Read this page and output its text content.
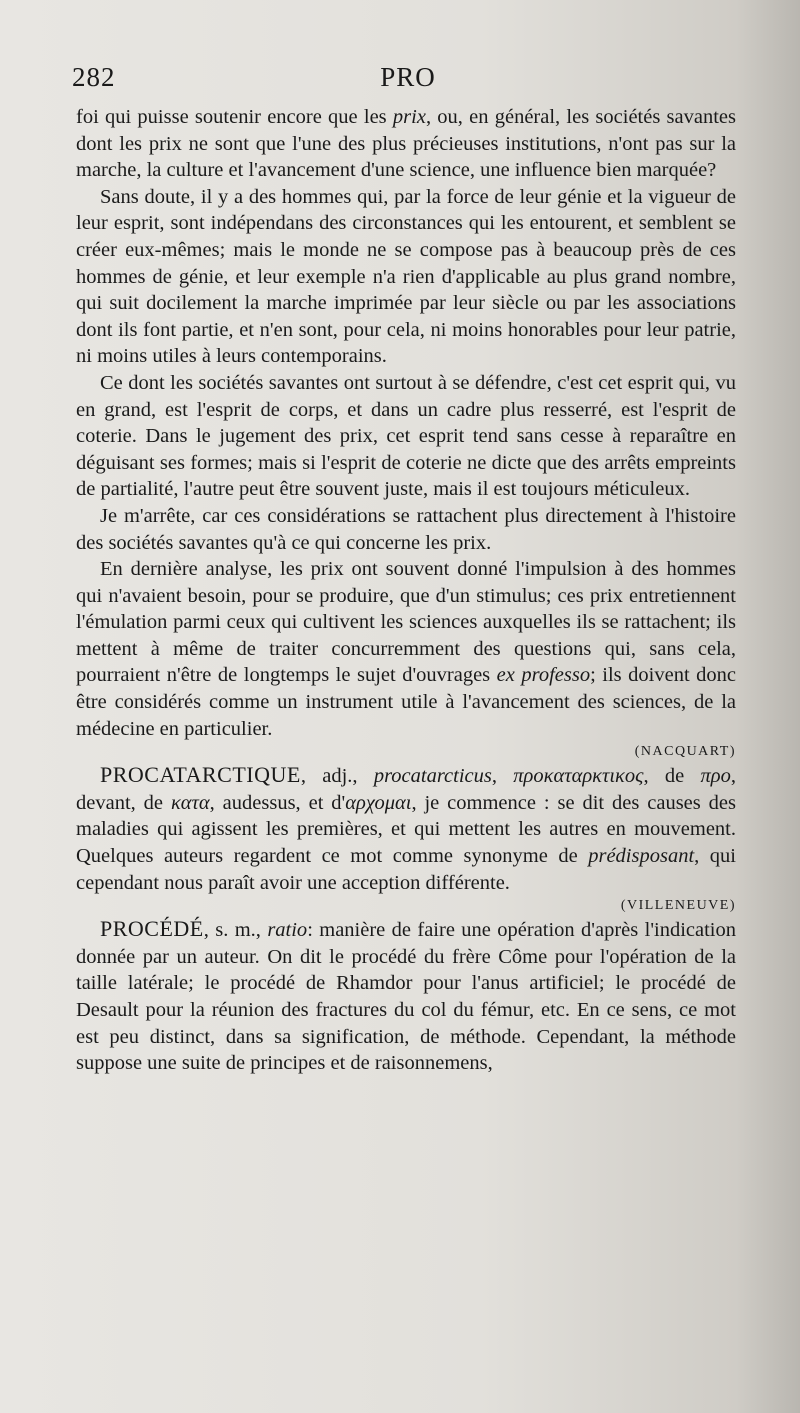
282	PRO

foi qui puisse soutenir encore que les prix, ou, en général, les sociétés savantes dont les prix ne sont que l'une des plus précieuses institutions, n'ont pas sur la marche, la culture et l'avancement d'une science, une influence bien marquée?

Sans doute, il y a des hommes qui, par la force de leur génie et la vigueur de leur esprit, sont indépendans des circonstances qui les entourent, et semblent se créer eux-mêmes; mais le monde ne se compose pas à beaucoup près de ces hommes de génie, et leur exemple n'a rien d'applicable au plus grand nombre, qui suit docilement la marche imprimée par leur siècle ou par les associations dont ils font partie, et n'en sont, pour cela, ni moins honorables pour leur patrie, ni moins utiles à leurs contemporains.

Ce dont les sociétés savantes ont surtout à se défendre, c'est cet esprit qui, vu en grand, est l'esprit de corps, et dans un cadre plus resserré, est l'esprit de coterie. Dans le jugement des prix, cet esprit tend sans cesse à reparaître en déguisant ses formes; mais si l'esprit de coterie ne dicte que des arrêts empreints de partialité, l'autre peut être souvent juste, mais il est toujours méticuleux.

Je m'arrête, car ces considérations se rattachent plus directement à l'histoire des sociétés savantes qu'à ce qui concerne les prix.

En dernière analyse, les prix ont souvent donné l'impulsion à des hommes qui n'avaient besoin, pour se produire, que d'un stimulus; ces prix entretiennent l'émulation parmi ceux qui cultivent les sciences auxquelles ils se rattachent; ils mettent à même de traiter concurremment des questions qui, sans cela, pourraient n'être de longtemps le sujet d'ouvrages ex professo; ils doivent donc être considérés comme un instrument utile à l'avancement des sciences, de la médecine en particulier.

(NACQUART)

PROCATARCTIQUE, adj., procatarcticus, προκαταρκτικος, de προ, devant, de κατα, audessus, et d'αρχομαι, je commence : se dit des causes des maladies qui agissent les premières, et qui mettent les autres en mouvement. Quelques auteurs regardent ce mot comme synonyme de prédisposant, qui cependant nous paraît avoir une acception différente.

(VILLENEUVE)

PROCÉDÉ, s. m., ratio: manière de faire une opération d'après l'indication donnée par un auteur. On dit le procédé du frère Côme pour l'opération de la taille latérale; le procédé de Rhamdor pour l'anus artificiel; le procédé de Desault pour la réunion des fractures du col du fémur, etc. En ce sens, ce mot est peu distinct, dans sa signification, de méthode. Cependant, la méthode suppose une suite de principes et de raisonnemens,
